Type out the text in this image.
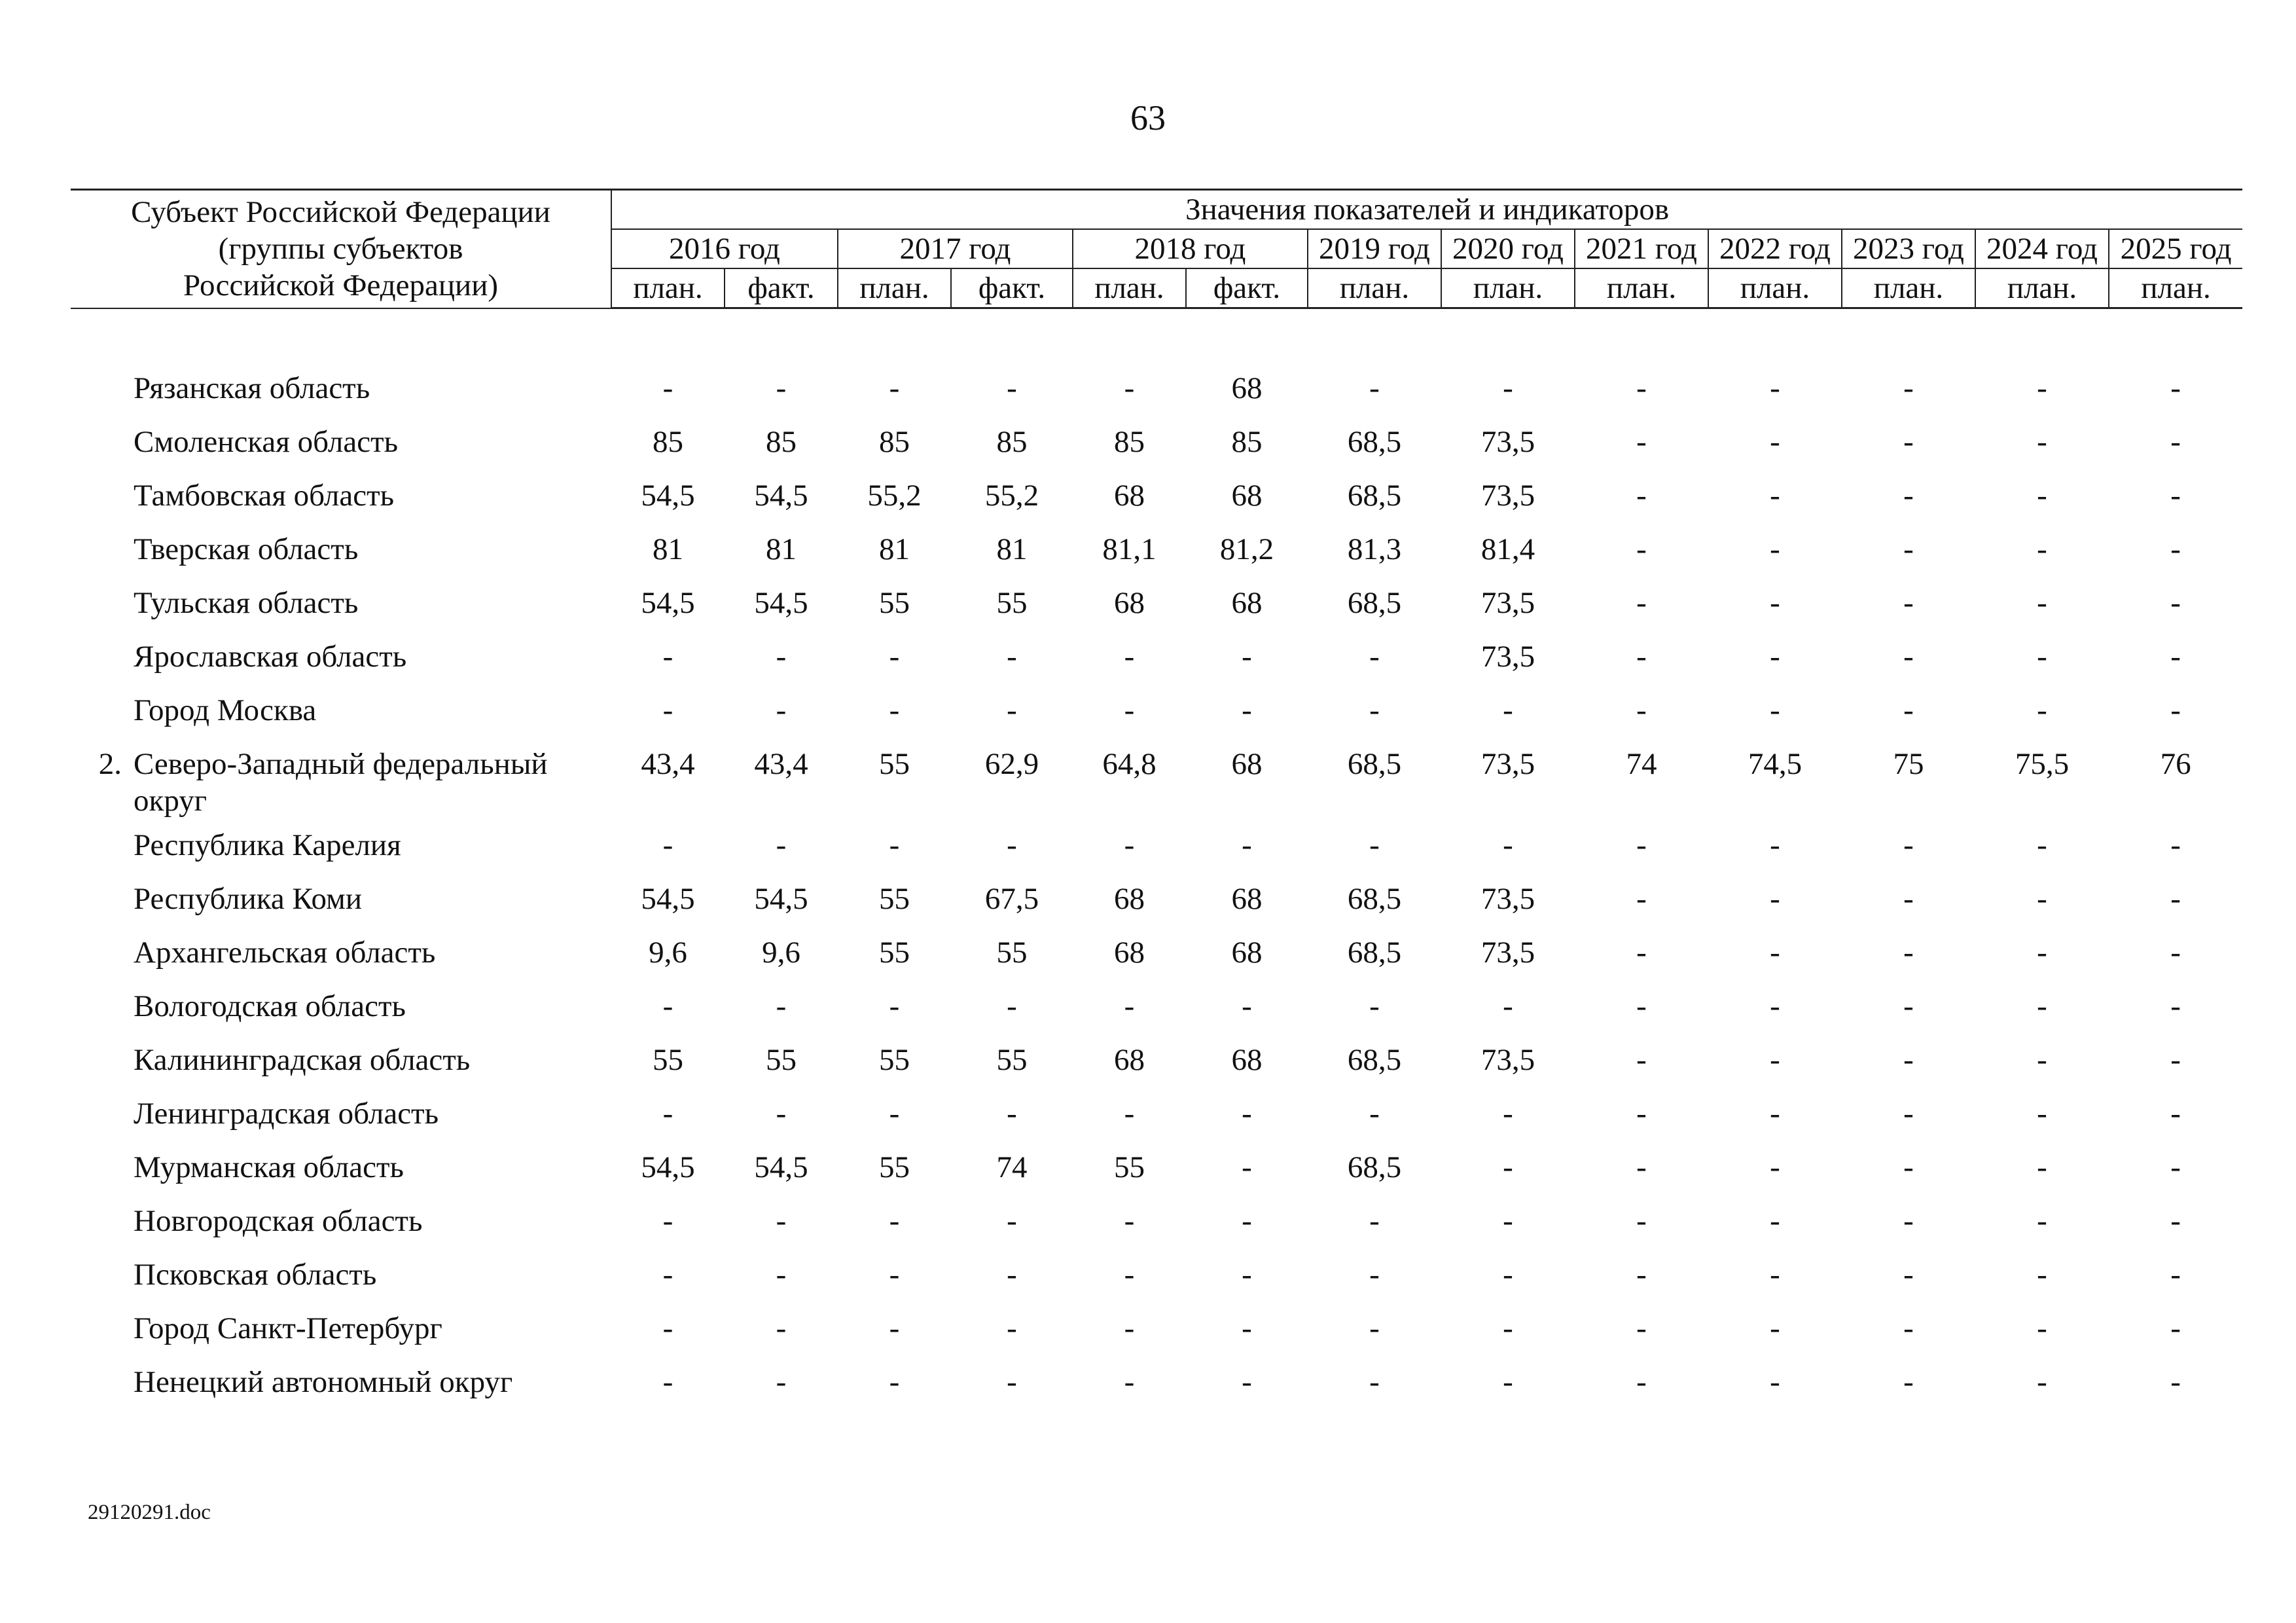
63
Субъект Российской Федерации
(группы субъектов
Российской Федерации)		Значения показателей и индикаторов												
		2016 год		2017 год		2018 год		2019 год	2020 год	2021 год	2022 год	2023 год	2024 год	2025 год
		план.	факт.	план.	факт.	план.	факт.	план.	план.	план.	план.	план.	план.	план.

	Рязанская область	-	-	-	-	-	68	-	-	-	-	-	-	-
	Смоленская область	85	85	85	85	85	85	68,5	73,5	-	-	-	-	-
	Тамбовская область	54,5	54,5	55,2	55,2	68	68	68,5	73,5	-	-	-	-	-
	Тверская область	81	81	81	81	81,1	81,2	81,3	81,4	-	-	-	-	-
	Тульская область	54,5	54,5	55	55	68	68	68,5	73,5	-	-	-	-	-
	Ярославская область	-	-	-	-	-	-	-	73,5	-	-	-	-	-
	Город Москва	-	-	-	-	-	-	-	-	-	-	-	-	-
2.	Северо-Западный федеральный округ	43,4	43,4	55	62,9	64,8	68	68,5	73,5	74	74,5	75	75,5	76
	Республика Карелия	-	-	-	-	-	-	-	-	-	-	-	-	-
	Республика Коми	54,5	54,5	55	67,5	68	68	68,5	73,5	-	-	-	-	-
	Архангельская область	9,6	9,6	55	55	68	68	68,5	73,5	-	-	-	-	-
	Вологодская область	-	-	-	-	-	-	-	-	-	-	-	-	-
	Калининградская область	55	55	55	55	68	68	68,5	73,5	-	-	-	-	-
	Ленинградская область	-	-	-	-	-	-	-	-	-	-	-	-	-
	Мурманская область	54,5	54,5	55	74	55	-	68,5	-	-	-	-	-	-
	Новгородская область	-	-	-	-	-	-	-	-	-	-	-	-	-
	Псковская область	-	-	-	-	-	-	-	-	-	-	-	-	-
	Город Санкт-Петербург	-	-	-	-	-	-	-	-	-	-	-	-	-
	Ненецкий автономный округ	-	-	-	-	-	-	-	-	-	-	-	-	-
29120291.doc
